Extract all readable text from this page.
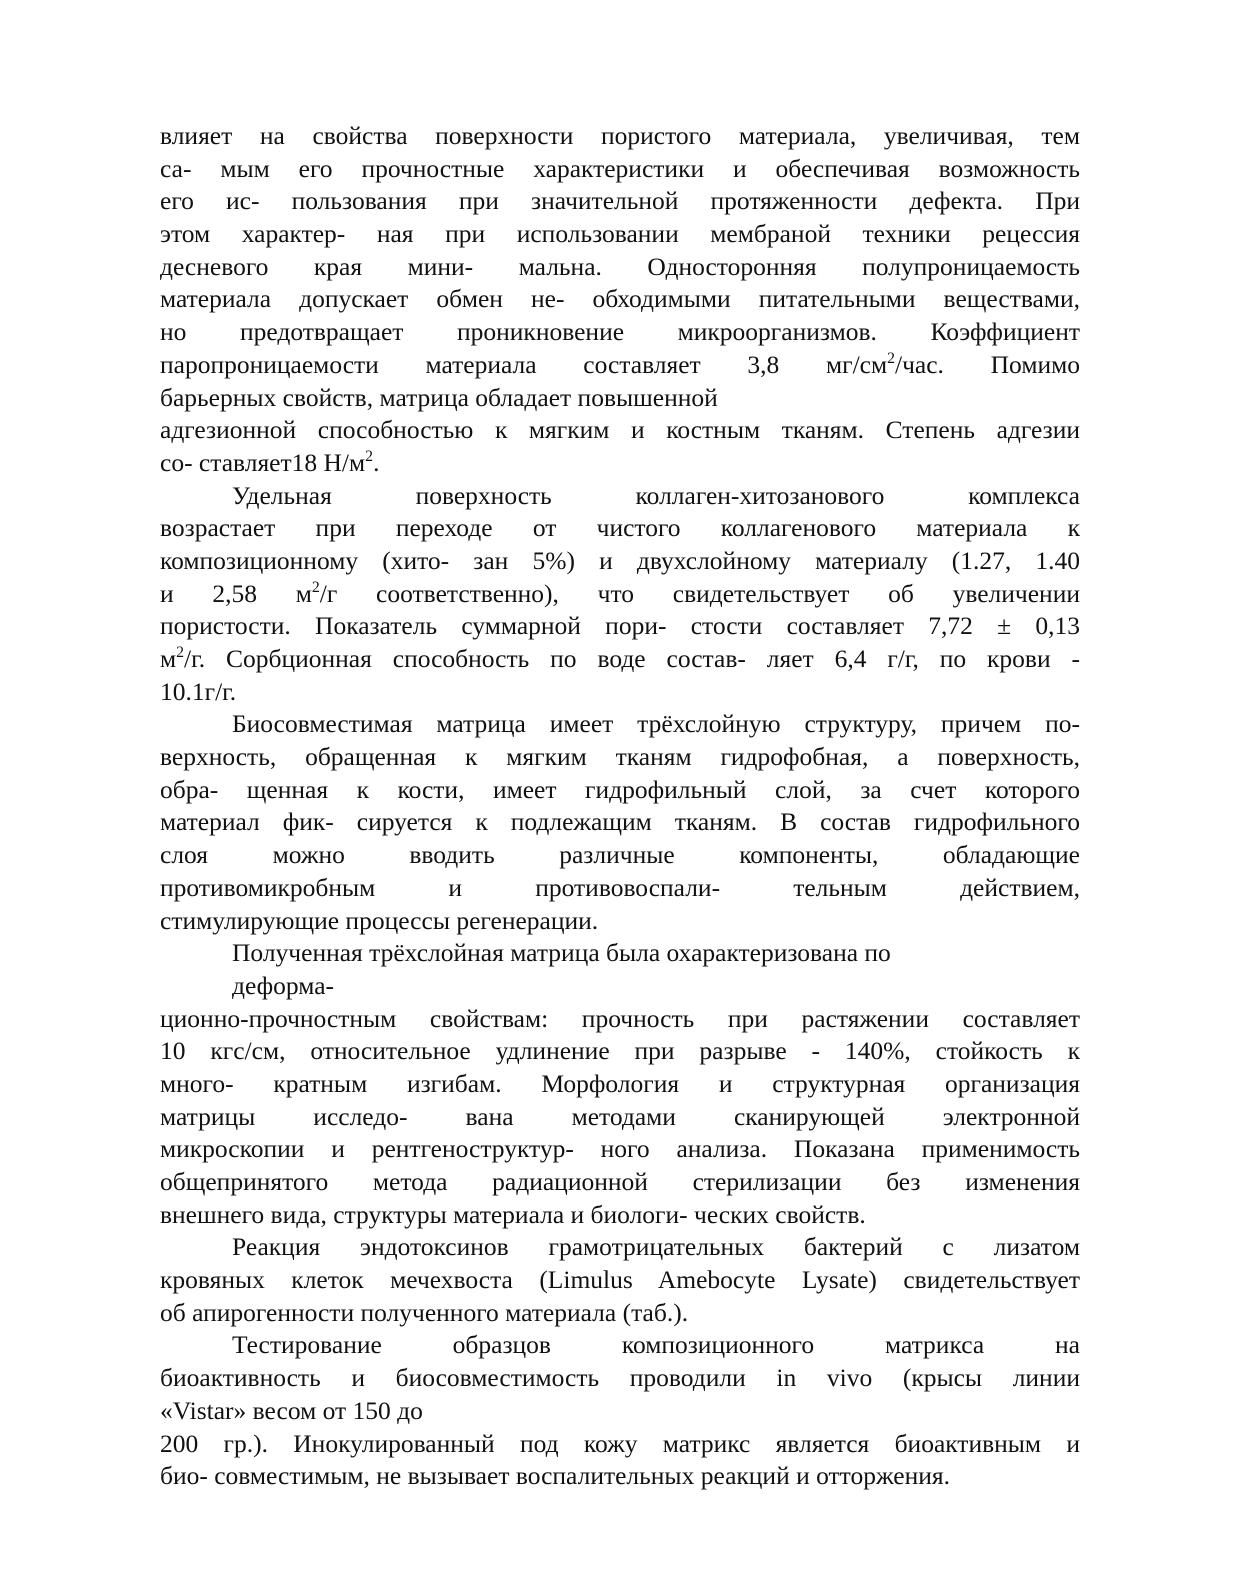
влияет на свойства поверхности пористого материала, увеличивая, тем
са- мым его прочностные характеристики и обеспечивая возможность
его ис- пользования при значительной протяженности дефекта. При
этом характер- ная при использовании мембраной техники рецессия
десневого края мини- мальна. Односторонняя полупроницаемость
материала допускает обмен не- обходимыми питательными веществами,
но предотвращает проникновение микроорганизмов. Коэффициент
паропроницаемости материала составляет 3,8 $мг/см^2$/час. Помимо
барьерных свойств, матрица обладает повышенной
адгезионной способностью к мягким и костным тканям. Степень адгезии
со- ставляет18 $Н/м^2$.
Удельная поверхность коллаген-хитозанового комплекса
возрастает при переходе от чистого коллагенового материала к
композиционному (хито- зан 5%) и двухслойному материалу (1.27, 1.40
и 2,58 $м^2/г$ соответственно), что свидетельствует об увеличении
пористости. Показатель суммарной пори- стости составляет 7,72 ± 0,13
$м^2/г$. Сорбционная способность по воде состав- ляет 6,4 г/г, по крови -
10.1г/г.
Биосовместимая матрица имеет трёхслойную структуру, причем по-
верхность, обращенная к мягким тканям гидрофобная, а поверхность,
обра- щенная к кости, имеет гидрофильный слой, за счет которого
материал фик- сируется к подлежащим тканям. В состав гидрофильного
слоя можно вводить различные компоненты, обладающие
противомикробным и противовоспали- тельным действием,
стимулирующие процессы регенерации.
Полученная трёхслойная матрица была охарактеризована по
деформа-
ционно-прочностным свойствам: прочность при растяжении составляет
10 кгс/см, относительное удлинение при разрыве - 140%, стойкость к
много- кратным изгибам. Морфология и структурная организация
матрицы исследо- вана методами сканирующей электронной
микроскопии и рентгеноструктур- ного анализа. Показана применимость
общепринятого метода радиационной стерилизации без изменения
внешнего вида, структуры материала и биологи- ческих свойств.
Реакция эндотоксинов грамотрицательных бактерий с лизатом
кровяных клеток мечехвоста (Limulus Amebocyte Lysate) свидетельствует
об апирогенности полученного материала (таб.).
Тестирование образцов композиционного матрикса на
биоактивность и биосовместимость проводили in vivo (крысы линии
«Vistar» весом от 150 до
200 гр.). Инокулированный под кожу матрикс является биоактивным и
био- совместимым, не вызывает воспалительных реакций и отторжения.
